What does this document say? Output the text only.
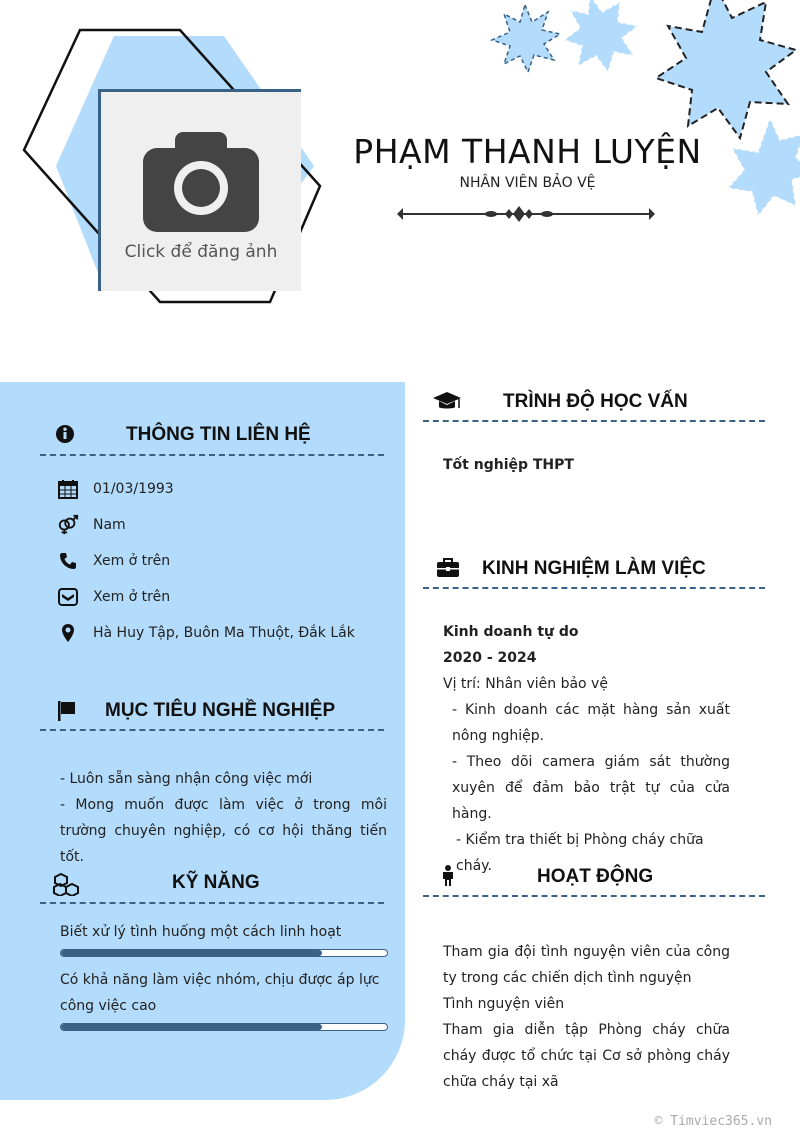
Click để đăng ảnh
PHẠM THANH LUYỆN
NHÂN VIÊN BẢO VỆ
THÔNG TIN LIÊN HỆ
01/03/1993
Nam
Xem ở trên
Xem ở trên
Hà Huy Tập, Buôn Ma Thuột, Đắk Lắk
MỤC TIÊU NGHỀ NGHIỆP
- Luôn sẵn sàng nhận công việc mới
- Mong muốn được làm việc ở trong môi trường chuyên nghiệp, có cơ hội thăng tiến tốt.
KỸ NĂNG
Biết xử lý tình huống một cách linh hoạt
Có khả năng làm việc nhóm, chịu được áp lực công việc cao
TRÌNH ĐỘ HỌC VẤN
Tốt nghiệp THPT
KINH NGHIỆM LÀM VIỆC
Kinh doanh tự do
2020 - 2024
Vị trí: Nhân viên bảo vệ
- Kinh doanh các mặt hàng sản xuất nông nghiệp.
- Theo dõi camera giám sát thường xuyên để đảm bảo trật tự của cửa hàng.
- Kiểm tra thiết bị Phòng cháy chữa cháy.	HOẠT ĐỘNG
Tham gia đội tình nguyện viên của công ty trong các chiến dịch tình nguyện
Tình nguyện viên
Tham gia diễn tập Phòng cháy chữa cháy được tổ chức tại Cơ sở phòng cháy chữa cháy tại xã
© Timviec365.vn
